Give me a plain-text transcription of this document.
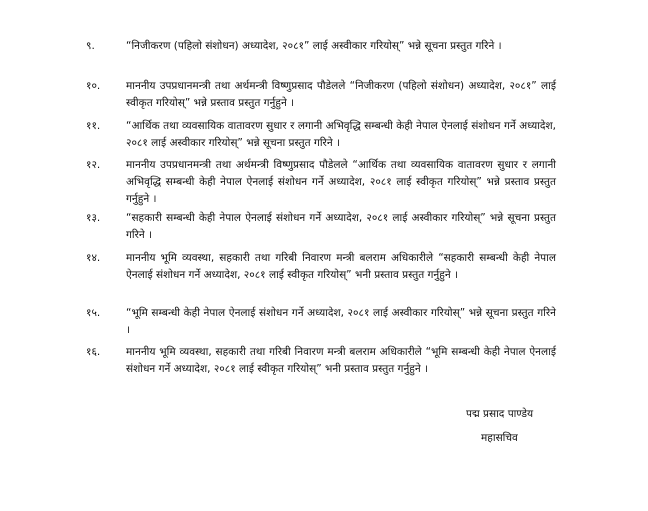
९.	“निजीकरण (पहिलो संशोधन) अध्यादेश, २०८१” लाई अस्वीकार गरियोस्” भन्ने सूचना प्रस्तुत गरिने ।
१०. माननीय उपप्रधानमन्त्री तथा अर्थमन्त्री विष्णुप्रसाद पौडेलले “निजीकरण (पहिलो संशोधन) अध्यादेश, २०८१” लाई स्वीकृत गरियोस्” भन्ने प्रस्ताव प्रस्तुत गर्नुहुने ।
११. “आर्थिक तथा व्यवसायिक वातावरण सुधार र लगानी अभिवृद्धि सम्बन्धी केही नेपाल ऐनलाई संशोधन गर्ने अध्यादेश, २०८१ लाई अस्वीकार गरियोस्” भन्ने सूचना प्रस्तुत गरिने ।
१२. माननीय उपप्रधानमन्त्री तथा अर्थमन्त्री विष्णुप्रसाद पौडेलले “आर्थिक तथा व्यवसायिक वातावरण सुधार र लगानी अभिवृद्धि सम्बन्धी केही नेपाल ऐनलाई संशोधन गर्ने अध्यादेश, २०८१ लाई स्वीकृत गरियोस्” भन्ने प्रस्ताव प्रस्तुत गर्नुहुने ।
१३. “सहकारी सम्बन्धी केही नेपाल ऐनलाई संशोधन गर्ने अध्यादेश, २०८१ लाई अस्वीकार गरियोस्” भन्ने सूचना प्रस्तुत गरिने ।
१४. माननीय भूमि व्यवस्था, सहकारी तथा गरिबी निवारण मन्त्री बलराम अधिकारीले “सहकारी सम्बन्धी केही नेपाल ऐनलाई संशोधन गर्ने अध्यादेश, २०८१ लाई स्वीकृत गरियोस्” भनी प्रस्ताव प्रस्तुत गर्नुहुने ।
१५. “भूमि सम्बन्धी केही नेपाल ऐनलाई संशोधन गर्ने अध्यादेश, २०८१ लाई अस्वीकार गरियोस्” भन्ने सूचना प्रस्तुत गरिने ।
१६. माननीय भूमि व्यवस्था, सहकारी तथा गरिबी निवारण मन्त्री बलराम अधिकारीले “भूमि सम्बन्धी केही नेपाल ऐनलाई संशोधन गर्ने अध्यादेश, २०८१ लाई स्वीकृत गरियोस्” भनी प्रस्ताव प्रस्तुत गर्नुहुने ।
पद्म प्रसाद पाण्डेय
महासचिव
